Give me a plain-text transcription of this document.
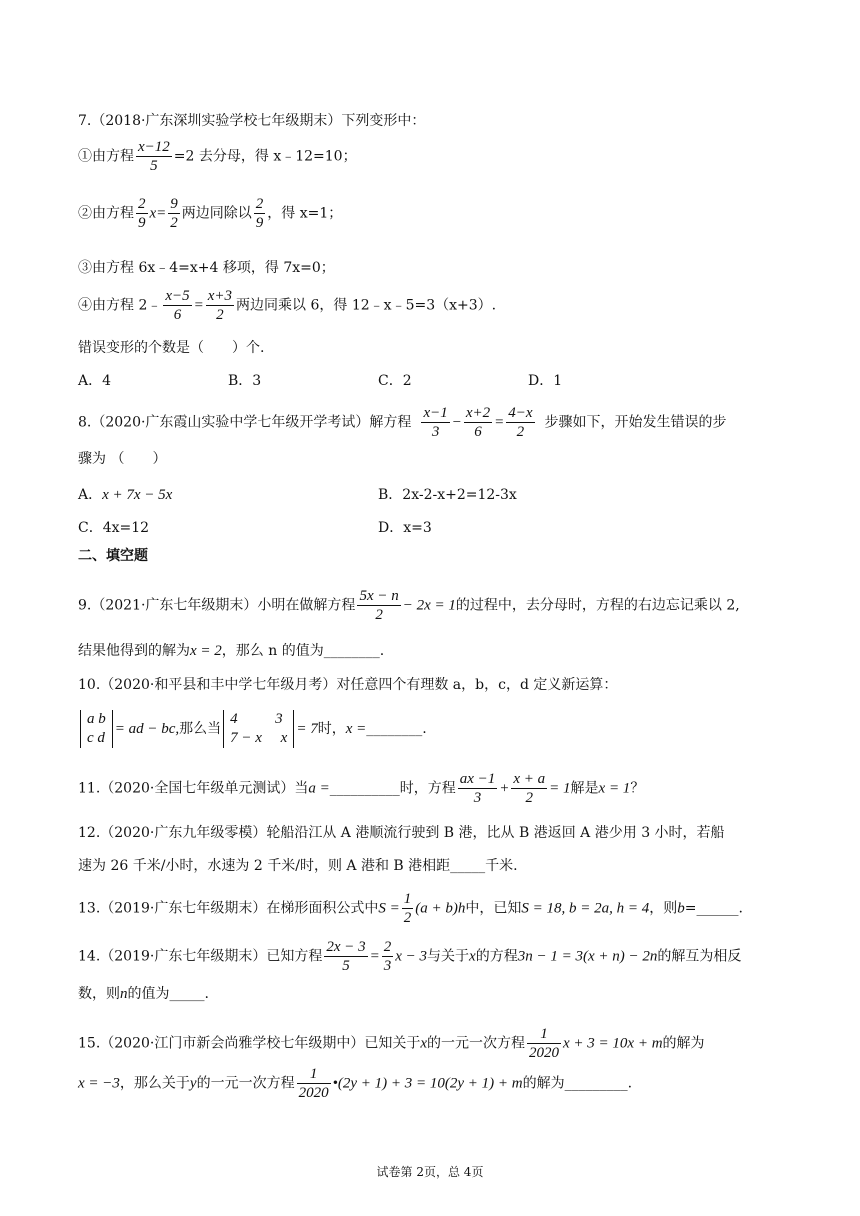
7.（2018·广东深圳实验学校七年级期末）下列变形中：
①由方程 $\frac{x-12}{5} =2$ 去分母，得 x﹣12=10；
②由方程 $\frac{2}{9} x= \frac{9}{2}$ 两边同除以 $\frac{2}{9}$ ，得 x=1；
③由方程 6x﹣4=x+4 移项，得 7x=0；
④由方程 2﹣ $\frac{x-5}{6} = \frac{x+3}{2}$ 两边同乘以 6，得 12﹣x﹣5=3（x+3）.
错误变形的个数是（　　）个.
A．4	B．3	C．2	D．1
8.（2020·广东霞山实验中学七年级开学考试）解方程 $\frac{x-1}{3} - \frac{x+2}{6} = \frac{4-x}{2}$ 步骤如下，开始发生错误的步
骤为 （　　）
A．x + 7x − 5x	B．2x-2-x+2=12-3x
C．4x=12	D．x=3
二、填空题
9.（2021·广东七年级期末）小明在做解方程 $\frac{5x - n}{2} - 2x = 1$的过程中，去分母时，方程的右边忘记乘以 2,
结果他得到的解为x = 2，那么 n 的值为________.
10.（2020·和平县和丰中学七年级月考）对任意四个有理数 a，b，c，d 定义新运算：
a b
c d
= ad − bc,那么当
4          3
7 − x     x
= 7时，x =________.
11.（2020·全国七年级单元测试）当a =__________时，方程 $\frac{ax -1}{3} + \frac{x + a}{2} = 1$解是x = 1？
12.（2020·广东九年级零模）轮船沿江从 A 港顺流行驶到 B 港，比从 B 港返回 A 港少用 3 小时，若船
速为 26 千米/小时，水速为 2 千米/时，则 A 港和 B 港相距_____千米.
13.（2019·广东七年级期末）在梯形面积公式中$S = \frac{1}{2} (a + b)h$中，已知S = 18, b = 2a, h = 4，则b=______.
14.（2019·广东七年级期末）已知方程 $\frac{2x - 3}{5} = \frac{2}{3}$ x − 3与关于x的方程3n − 1 = 3(x + n) − 2n的解互为相反
数，则n的值为_____.
15.（2020·江门市新会尚雅学校七年级期中）已知关于x的一元一次方程 $\frac{1}{2020}$ x + 3 = 10x + m的解为
x = −3，那么关于y的一元一次方程 $\frac{1}{2020}$ •(2y + 1) + 3 = 10(2y + 1) + m的解为_________.
试卷第 2页，总 4页
